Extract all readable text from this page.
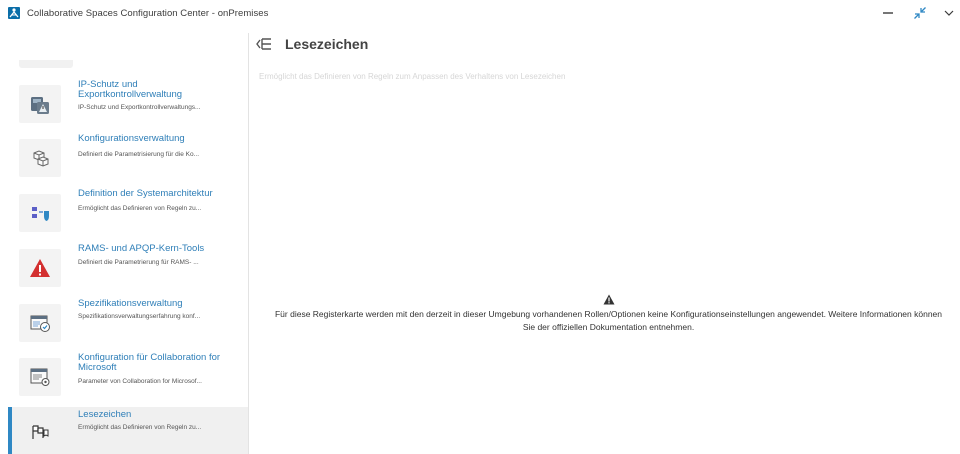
Collaborative Spaces Configuration Center - onPremises
IP-Schutz und Exportkontrollverwaltung
IP-Schutz und Exportkontrollverwaltungs...
Konfigurationsverwaltung
Definiert die Parametrisierung für die Ko...
Definition der Systemarchitektur
Ermöglicht das Definieren von Regeln zu...
RAMS- und APQP-Kern-Tools
Definiert die Parametrierung für RAMS- ...
Spezifikationsverwaltung
Spezifikationsverwaltungserfahrung konf...
Konfiguration für Collaboration for Microsoft
Parameter von Collaboration for Microsof...
Lesezeichen
Ermöglicht das Definieren von Regeln zu...
Lesezeichen
Ermöglicht das Definieren von Regeln zum Anpassen des Verhaltens von Lesezeichen
Für diese Registerkarte werden mit den derzeit in dieser Umgebung vorhandenen Rollen/Optionen keine Konfigurationseinstellungen angewendet. Weitere Informationen können Sie der offiziellen Dokumentation entnehmen.
